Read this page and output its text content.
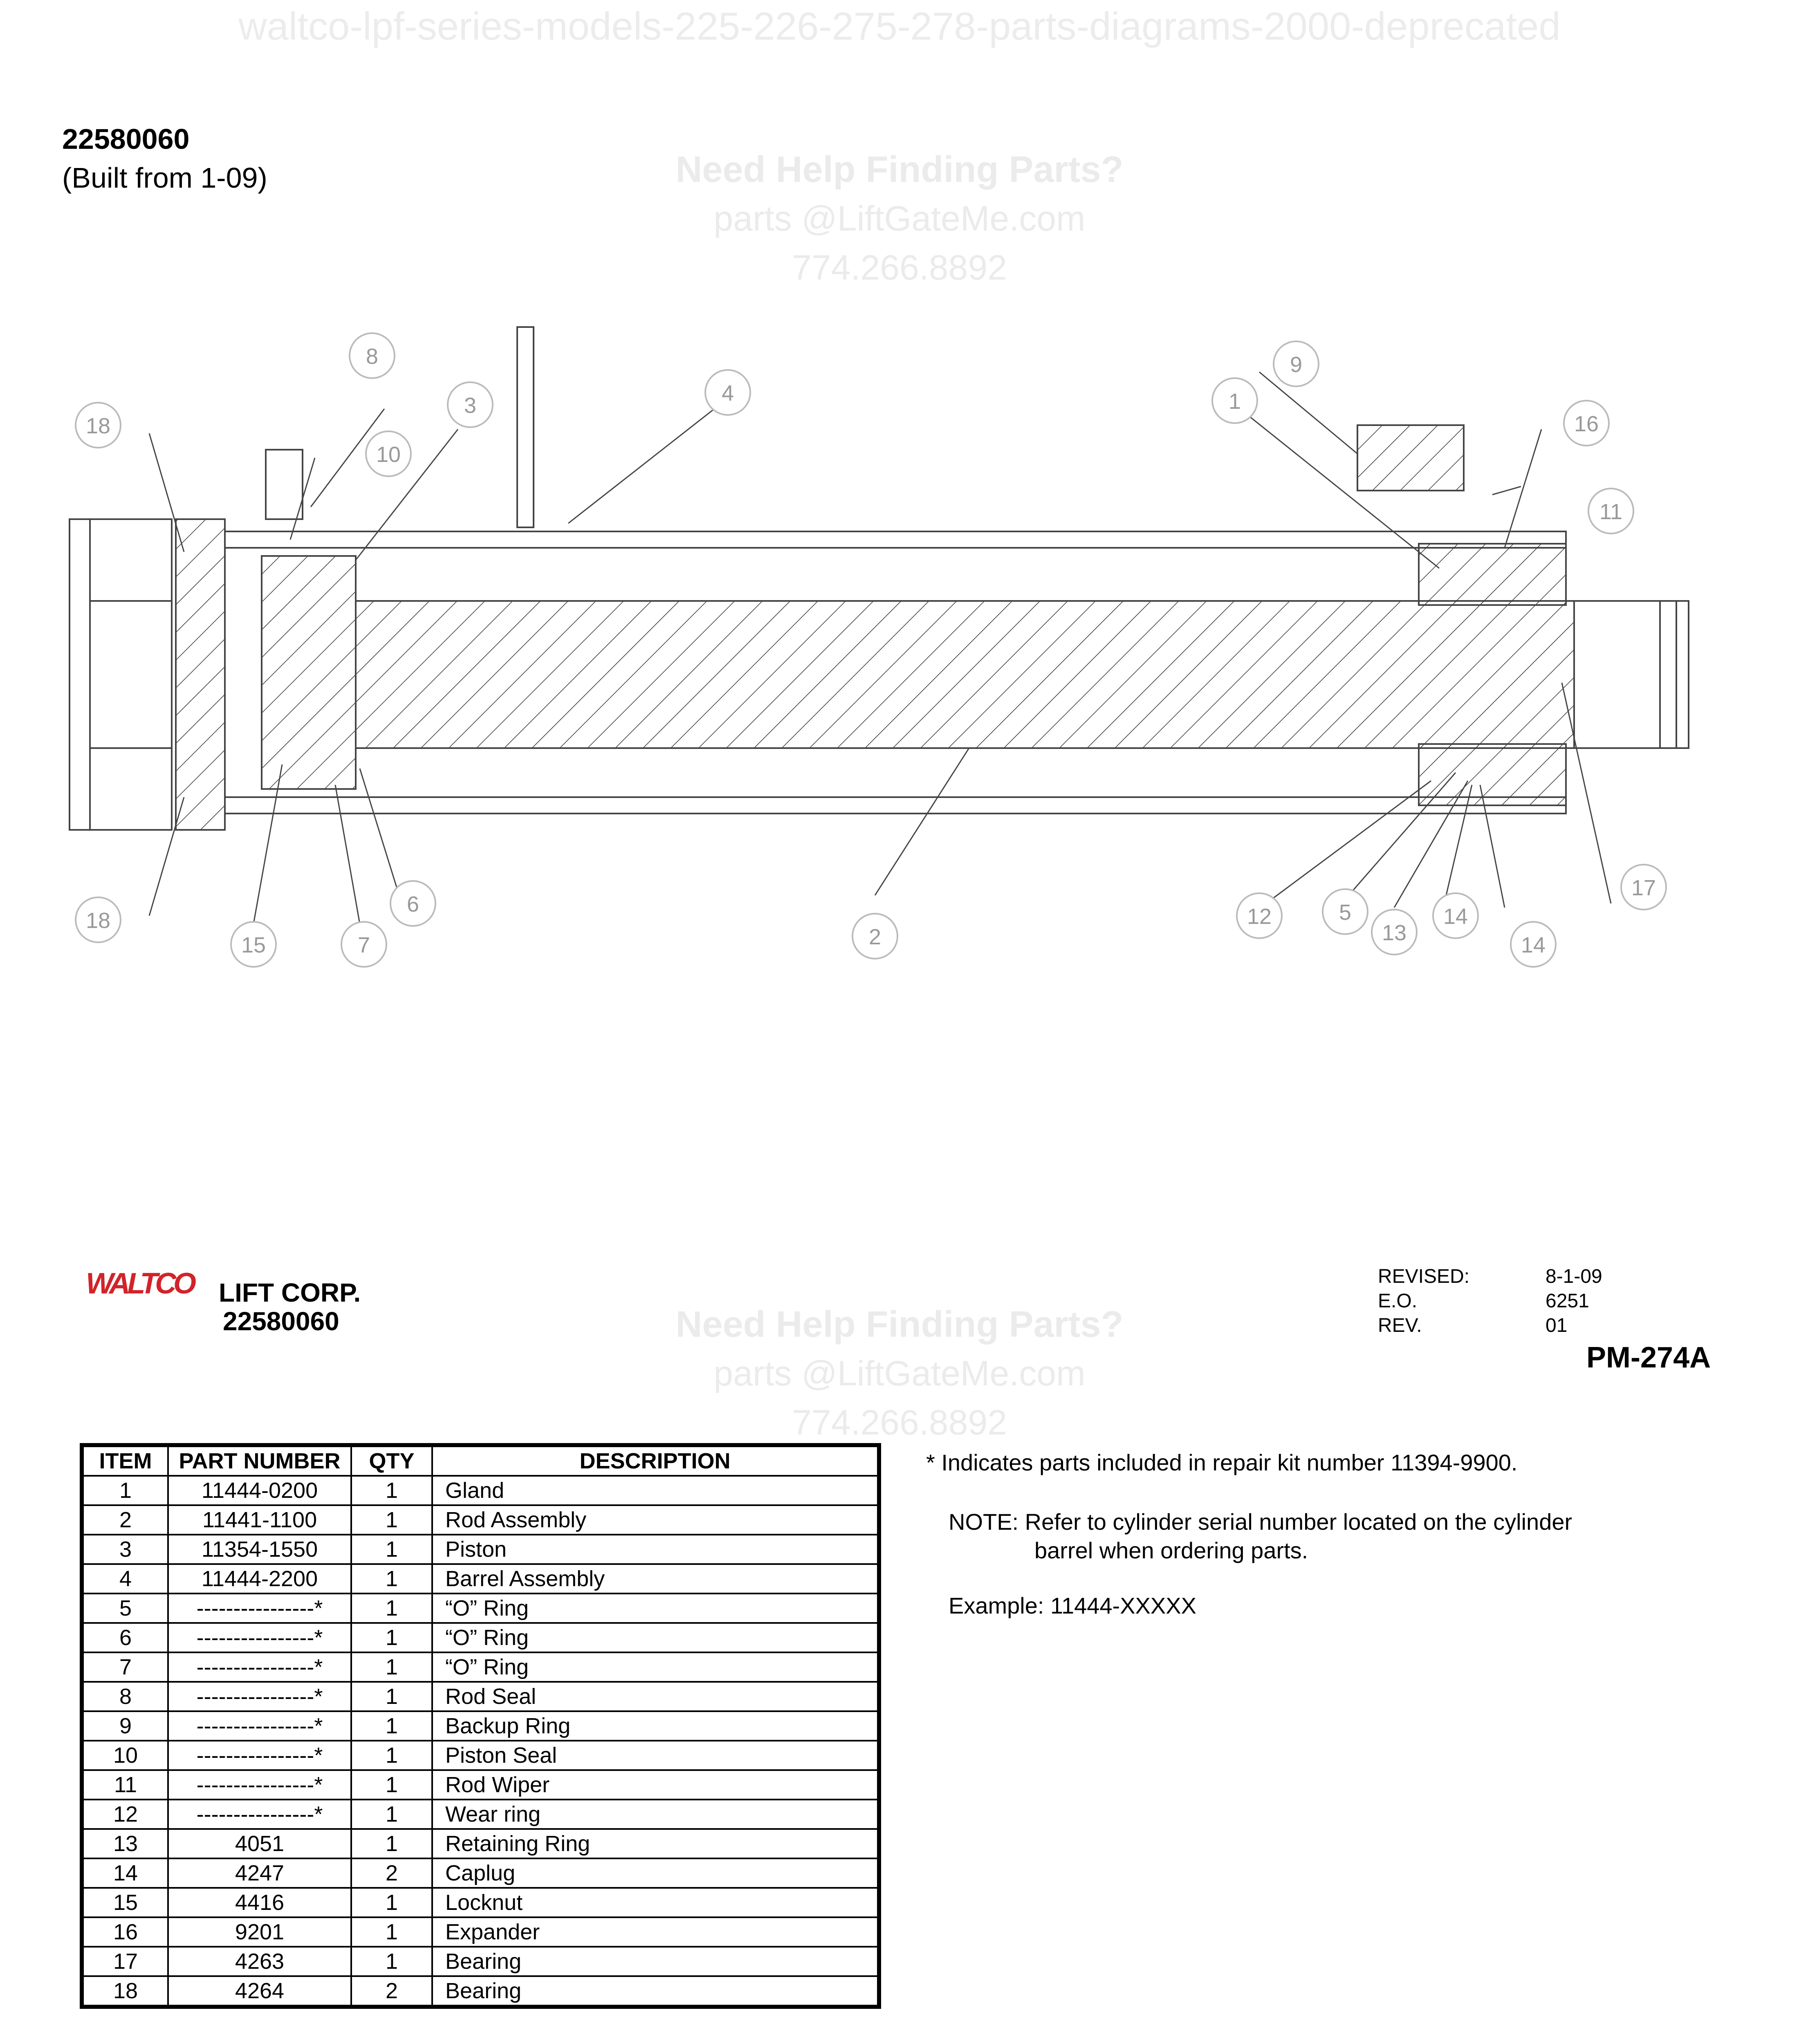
waltco-lpf-series-models-225-226-275-278-parts-diagrams-2000-deprecated
Need Help Finding Parts?
parts @LiftGateMe.com
774.266.8892
22580060
(Built from 1-09)
18
18
8
10
3	4
15	7
6
2
1
9
16
11
17
12	5
13
14
14
Need Help Finding Parts?
parts @LiftGateMe.com
774.266.8892
WALTCO LIFT CORP.
22580060
REVISED:	8-1-09
E.O.	6251
REV.	01
PM-274A
ITEM	PART NUMBER	QTY	DESCRIPTION
1	11444-0200	1	Gland
2	11441-1100	1	Rod Assembly
3	11354-1550	1	Piston
4	11444-2200	1	Barrel Assembly
5	----------------*	1	“O” Ring
6	----------------*	1	“O” Ring
7	----------------*	1	“O” Ring
8	----------------*	1	Rod Seal
9	----------------*	1	Backup Ring
10	----------------*	1	Piston Seal
11	----------------*	1	Rod Wiper
12	----------------*	1	Wear ring
13	4051	1	Retaining Ring
14	4247	2	Caplug
15	4416	1	Locknut
16	9201	1	Expander
17	4263	1	Bearing
18	4264	2	Bearing
* Indicates parts included in repair kit number 11394-9900.
NOTE: Refer to cylinder serial number located on the cylinder
barrel when ordering parts.
Example: 11444-XXXXX
